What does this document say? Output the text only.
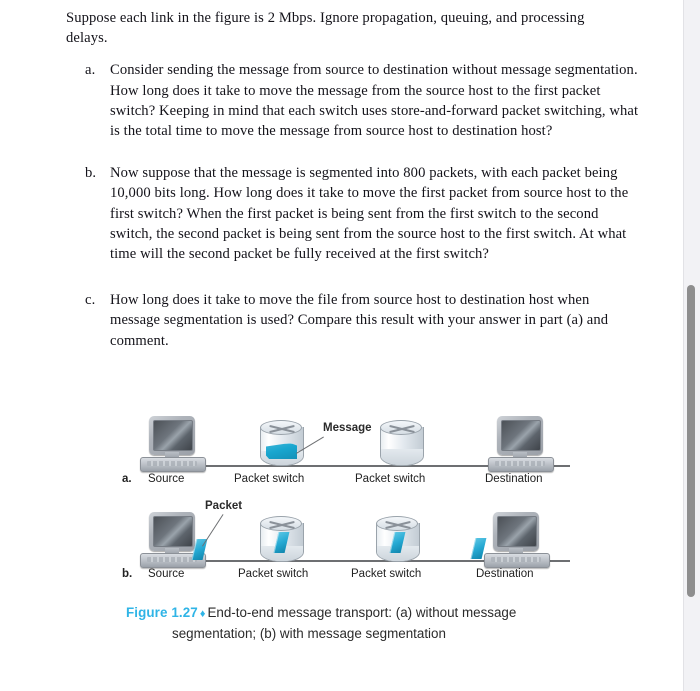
Suppose each link in the figure is 2 Mbps. Ignore propagation, queuing, and processing delays.

a.	Consider sending the message from source to destination without message segmentation. How long does it take to move the message from the source host to the first packet switch? Keeping in mind that each switch uses store-and-forward packet switching, what is the total time to move the message from source host to destination host?
b. Now suppose that the message is segmented into 800 packets, with each packet being 10,000 bits long. How long does it take to move the first packet from source host to the first switch? When the first packet is being sent from the first switch to the second switch, the second packet is being sent from the source host to the first switch. At what time will the second packet be fully received at the first switch?
c.	How long does it take to move the file from source host to destination host when message segmentation is used? Compare this result with your answer in part (a) and comment.
Message
a. Source	Packet switch	Packet switch	Destination
Packet
b. Source	Packet switch	Packet switch	Destination
Figure 1.27 ♦ End-to-end message transport: (a) without message
segmentation; (b) with message segmentation
